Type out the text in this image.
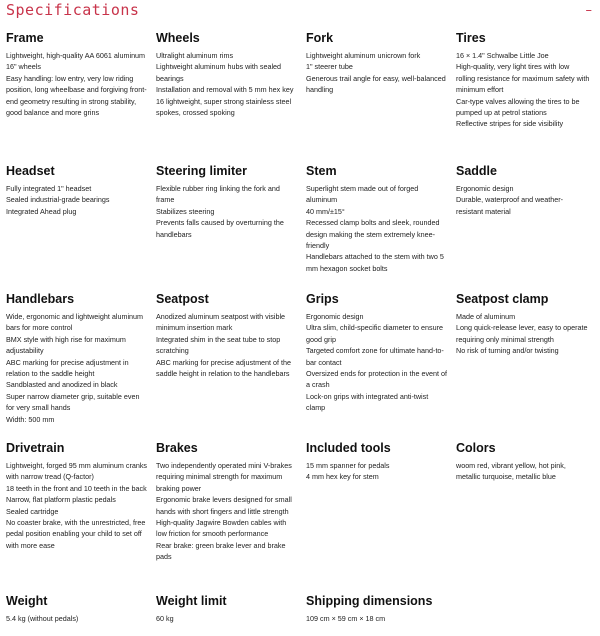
Specifications	–
Frame
Lightweight, high-quality AA 6061 aluminum
16" wheels
Easy handling: low entry, very low riding position, long wheelbase and forgiving front-end geometry resulting in strong stability, good balance and more grins
Wheels
Ultralight aluminum rims
Lightweight aluminum hubs with sealed bearings
Installation and removal with 5 mm hex key
16 lightweight, super strong stainless steel spokes, crossed spoking
Fork
Lightweight aluminum unicrown fork
1" steerer tube
Generous trail angle for easy, well-balanced handling
Tires
16 × 1.4" Schwalbe Little Joe
High-quality, very light tires with low rolling resistance for maximum safety with minimum effort
Car-type valves allowing the tires to be pumped up at petrol stations
Reflective stripes for side visibility
Headset
Fully integrated 1" headset
Sealed industrial-grade bearings
Integrated Ahead plug
Steering limiter
Flexible rubber ring linking the fork and frame
Stabilizes steering
Prevents falls caused by overturning the handlebars
Stem
Superlight stem made out of forged aluminum
40 mm/±15°
Recessed clamp bolts and sleek, rounded design making the stem extremely knee-friendly
Handlebars attached to the stem with two 5 mm hexagon socket bolts
Saddle
Ergonomic design
Durable, waterproof and weather-resistant material
Handlebars
Wide, ergonomic and lightweight aluminum bars for more control
BMX style with high rise for maximum adjustability
ABC marking for precise adjustment in relation to the saddle height
Sandblasted and anodized in black
Super narrow diameter grip, suitable even for very small hands
Width: 500 mm
Seatpost
Anodized aluminum seatpost with visible minimum insertion mark
Integrated shim in the seat tube to stop scratching
ABC marking for precise adjustment of the saddle height in relation to the handlebars
Grips
Ergonomic design
Ultra slim, child-specific diameter to ensure good grip
Targeted comfort zone for ultimate hand-to-bar contact
Oversized ends for protection in the event of a crash
Lock-on grips with integrated anti-twist clamp
Seatpost clamp
Made of aluminum
Long quick-release lever, easy to operate requiring only minimal strength
No risk of turning and/or twisting
Drivetrain
Lightweight, forged 95 mm aluminum cranks with narrow tread (Q-factor)
18 teeth in the front and 10 teeth in the back
Narrow, flat platform plastic pedals
Sealed cartridge
No coaster brake, with the unrestricted, free pedal position enabling your child to set off with more ease
Brakes
Two independently operated mini V-brakes requiring minimal strength for maximum braking power
Ergonomic brake levers designed for small hands with short fingers and little strength
High-quality Jagwire Bowden cables with low friction for smooth performance
Rear brake: green brake lever and brake pads
Included tools
15 mm spanner for pedals
4 mm hex key for stem
Colors
woom red, vibrant yellow, hot pink, metallic turquoise, metallic blue
Weight
5.4 kg (without pedals)
Weight limit
60 kg
Shipping dimensions
109 cm × 59 cm × 18 cm
